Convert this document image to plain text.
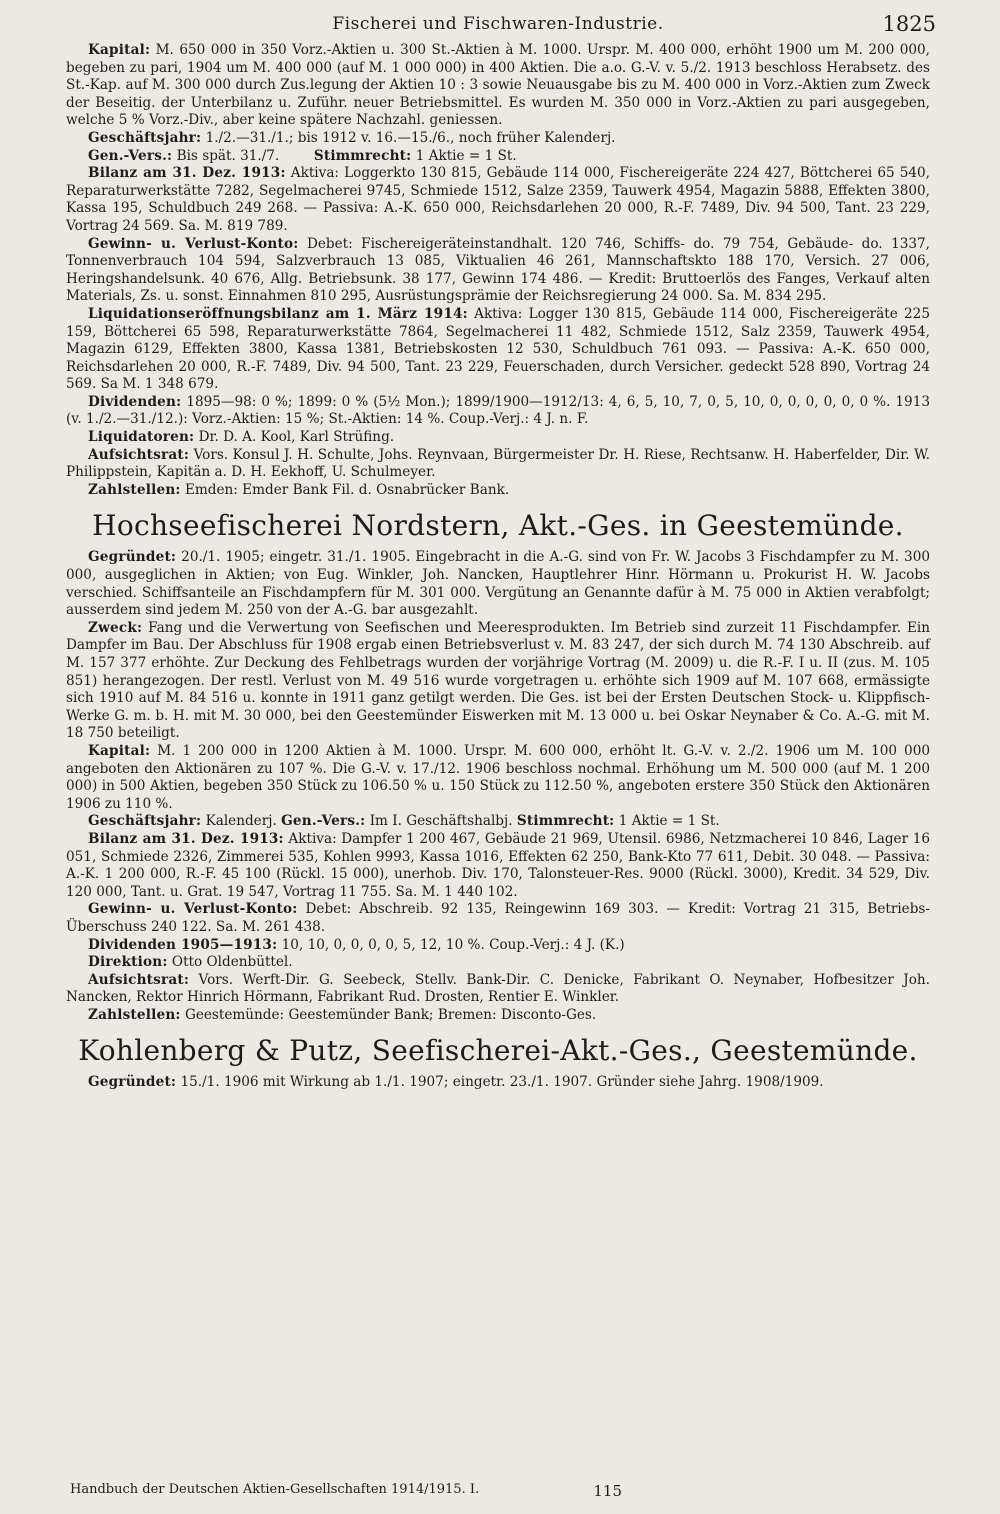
Fischerei und Fischwaren-Industrie.	1825

Kapital: M. 650 000 in 350 Vorz.-Aktien u. 300 St.-Aktien à M. 1000. Urspr. M. 400 000, erhöht 1900 um M. 200 000, begeben zu pari, 1904 um M. 400 000 (auf M. 1 000 000) in 400 Aktien. Die a.o. G.-V. v. 5./2. 1913 beschloss Herabsetz. des St.-Kap. auf M. 300 000 durch Zus.legung der Aktien 10 : 3 sowie Neuausgabe bis zu M. 400 000 in Vorz.-Aktien zum Zweck der Beseitig. der Unterbilanz u. Zuführ. neuer Betriebsmittel. Es wurden M. 350 000 in Vorz.-Aktien zu pari ausgegeben, welche 5 % Vorz.-Div., aber keine spätere Nachzahl. geniessen.

Geschäftsjahr: 1./2.—31./1.; bis 1912 v. 16.—15./6., noch früher Kalenderj.

Gen.-Vers.: Bis spät. 31./7.	Stimmrecht: 1 Aktie = 1 St.

Bilanz am 31. Dez. 1913: Aktiva: Loggerkto 130 815, Gebäude 114 000, Fischereigeräte 224 427, Böttcherei 65 540, Reparaturwerkstätte 7282, Segelmacherei 9745, Schmiede 1512, Salze 2359, Tauwerk 4954, Magazin 5888, Effekten 3800, Kassa 195, Schuldbuch 249 268. — Passiva: A.-K. 650 000, Reichsdarlehen 20 000, R.-F. 7489, Div. 94 500, Tant. 23 229, Vortrag 24 569. Sa. M. 819 789.

Gewinn- u. Verlust-Konto: Debet: Fischereigeräteinstandhalt. 120 746, Schiffs- do. 79 754, Gebäude- do. 1337, Tonnenverbrauch 104 594, Salzverbrauch 13 085, Viktualien 46 261, Mannschaftskto 188 170, Versich. 27 006, Heringshandelsunk. 40 676, Allg. Betriebsunk. 38 177, Gewinn 174 486. — Kredit: Bruttoerlös des Fanges, Verkauf alten Materials, Zs. u. sonst. Einnahmen 810 295, Ausrüstungsprämie der Reichsregierung 24 000. Sa. M. 834 295.

Liquidationseröffnungsbilanz am 1. März 1914: Aktiva: Logger 130 815, Gebäude 114 000, Fischereigeräte 225 159, Böttcherei 65 598, Reparaturwerkstätte 7864, Segelmacherei 11 482, Schmiede 1512, Salz 2359, Tauwerk 4954, Magazin 6129, Effekten 3800, Kassa 1381, Betriebskosten 12 530, Schuldbuch 761 093. — Passiva: A.-K. 650 000, Reichsdarlehen 20 000, R.-F. 7489, Div. 94 500, Tant. 23 229, Feuerschaden, durch Versicher. gedeckt 528 890, Vortrag 24 569. Sa M. 1 348 679.

Dividenden: 1895—98: 0 %; 1899: 0 % (5½ Mon.); 1899/1900—1912/13: 4, 6, 5, 10, 7, 0, 5, 10, 0, 0, 0, 0, 0, 0 %. 1913 (v. 1./2.—31./12.): Vorz.-Aktien: 15 %; St.-Aktien: 14 %. Coup.-Verj.: 4 J. n. F.

Liquidatoren: Dr. D. A. Kool, Karl Strüfing.

Aufsichtsrat: Vors. Konsul J. H. Schulte, Johs. Reynvaan, Bürgermeister Dr. H. Riese, Rechtsanw. H. Haberfelder, Dir. W. Philippstein, Kapitän a. D. H. Eekhoff, U. Schulmeyer.

Zahlstellen: Emden: Emder Bank Fil. d. Osnabrücker Bank.

Hochseefischerei Nordstern, Akt.-Ges. in Geestemünde.

Gegründet: 20./1. 1905; eingetr. 31./1. 1905. Eingebracht in die A.-G. sind von Fr. W. Jacobs 3 Fischdampfer zu M. 300 000, ausgeglichen in Aktien; von Eug. Winkler, Joh. Nancken, Hauptlehrer Hinr. Hörmann u. Prokurist H. W. Jacobs verschied. Schiffsanteile an Fischdampfern für M. 301 000. Vergütung an Genannte dafür à M. 75 000 in Aktien verabfolgt; ausserdem sind jedem M. 250 von der A.-G. bar ausgezahlt.

Zweck: Fang und die Verwertung von Seefischen und Meeresprodukten. Im Betrieb sind zurzeit 11 Fischdampfer. Ein Dampfer im Bau. Der Abschluss für 1908 ergab einen Betriebsverlust v. M. 83 247, der sich durch M. 74 130 Abschreib. auf M. 157 377 erhöhte. Zur Deckung des Fehlbetrags wurden der vorjährige Vortrag (M. 2009) u. die R.-F. I u. II (zus. M. 105 851) herangezogen. Der restl. Verlust von M. 49 516 wurde vorgetragen u. erhöhte sich 1909 auf M. 107 668, ermässigte sich 1910 auf M. 84 516 u. konnte in 1911 ganz getilgt werden. Die Ges. ist bei der Ersten Deutschen Stock- u. Klippfisch-Werke G. m. b. H. mit M. 30 000, bei den Geestemünder Eiswerken mit M. 13 000 u. bei Oskar Neynaber & Co. A.-G. mit M. 18 750 beteiligt.

Kapital: M. 1 200 000 in 1200 Aktien à M. 1000. Urspr. M. 600 000, erhöht lt. G.-V. v. 2./2. 1906 um M. 100 000 angeboten den Aktionären zu 107 %. Die G.-V. v. 17./12. 1906 beschloss nochmal. Erhöhung um M. 500 000 (auf M. 1 200 000) in 500 Aktien, begeben 350 Stück zu 106.50 % u. 150 Stück zu 112.50 %, angeboten erstere 350 Stück den Aktionären 1906 zu 110 %.

Geschäftsjahr: Kalenderj. Gen.-Vers.: Im I. Geschäftshalbj. Stimmrecht: 1 Aktie = 1 St.

Bilanz am 31. Dez. 1913: Aktiva: Dampfer 1 200 467, Gebäude 21 969, Utensil. 6986, Netzmacherei 10 846, Lager 16 051, Schmiede 2326, Zimmerei 535, Kohlen 9993, Kassa 1016, Effekten 62 250, Bank-Kto 77 611, Debit. 30 048. — Passiva: A.-K. 1 200 000, R.-F. 45 100 (Rückl. 15 000), unerhob. Div. 170, Talonsteuer-Res. 9000 (Rückl. 3000), Kredit. 34 529, Div. 120 000, Tant. u. Grat. 19 547, Vortrag 11 755. Sa. M. 1 440 102.

Gewinn- u. Verlust-Konto: Debet: Abschreib. 92 135, Reingewinn 169 303. — Kredit: Vortrag 21 315, Betriebs-Überschuss 240 122. Sa. M. 261 438.

Dividenden 1905—1913: 10, 10, 0, 0, 0, 0, 5, 12, 10 %. Coup.-Verj.: 4 J. (K.)

Direktion: Otto Oldenbüttel.

Aufsichtsrat: Vors. Werft-Dir. G. Seebeck, Stellv. Bank-Dir. C. Denicke, Fabrikant O. Neynaber, Hofbesitzer Joh. Nancken, Rektor Hinrich Hörmann, Fabrikant Rud. Drosten, Rentier E. Winkler.

Zahlstellen: Geestemünde: Geestemünder Bank; Bremen: Disconto-Ges.

Kohlenberg & Putz, Seefischerei-Akt.-Ges., Geestemünde.

Gegründet: 15./1. 1906 mit Wirkung ab 1./1. 1907; eingetr. 23./1. 1907. Gründer siehe Jahrg. 1908/1909.

Handbuch der Deutschen Aktien-Gesellschaften 1914/1915. I.	115
